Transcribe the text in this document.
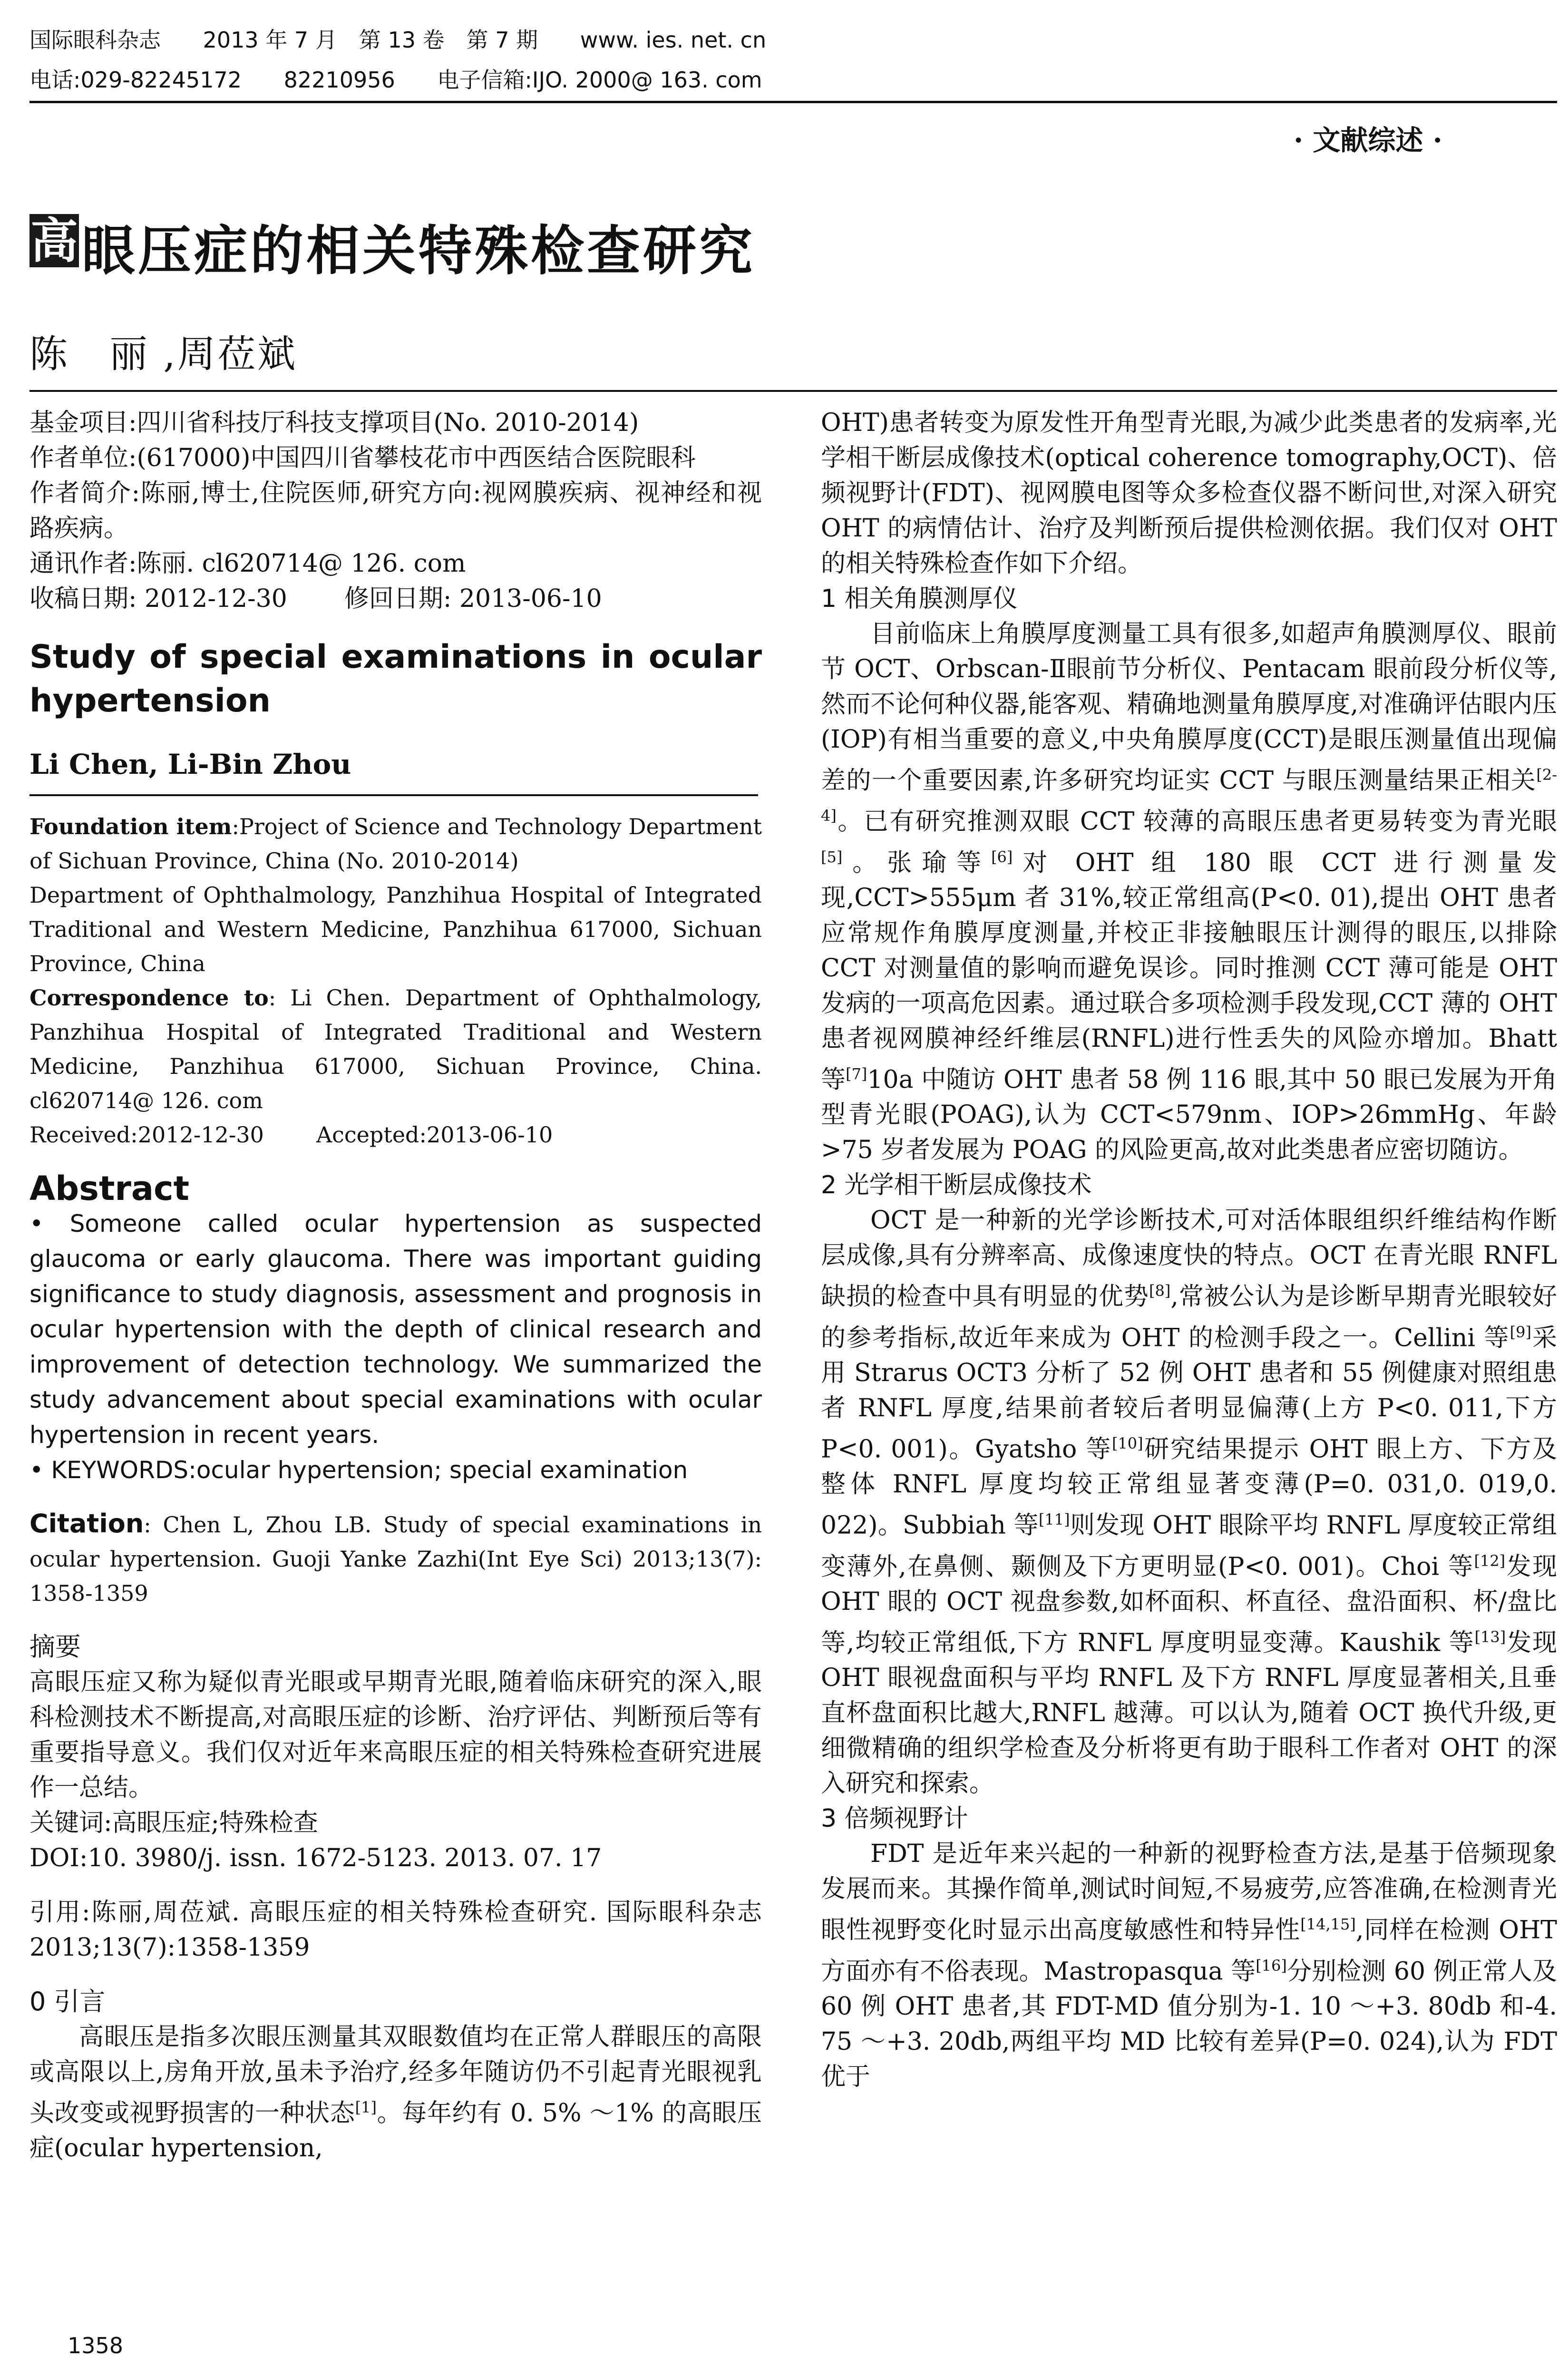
国际眼科杂志 2013 年 7 月　第 13 卷　第 7 期 www. ies. net. cn
电话:029-82245172 82210956 电子信箱:IJO. 2000@ 163. com
· 文献综述 ·
高 眼压症的相关特殊检查研究
陈　丽 ,周莅斌

基金项目:四川省科技厅科技支撑项目(No. 2010-2014)

作者单位:(617000)中国四川省攀枝花市中西医结合医院眼科

作者简介:陈丽,博士,住院医师,研究方向:视网膜疾病、视神经和视路疾病。

通讯作者:陈丽. cl620714@ 126. com

收稿日期: 2012-12-30 修回日期: 2013-06-10

Study of special examinations in ocular hypertension

Li Chen, Li-Bin Zhou

Foundation item:Project of Science and Technology Department of Sichuan Province, China (No. 2010-2014)

Department of Ophthalmology, Panzhihua Hospital of Integrated Traditional and Western Medicine, Panzhihua 617000, Sichuan Province, China

Correspondence to: Li Chen. Department of Ophthalmology, Panzhihua Hospital of Integrated Traditional and Western Medicine, Panzhihua 617000, Sichuan Province, China. cl620714@ 126. com

Received:2012-12-30 Accepted:2013-06-10

Abstract

• Someone called ocular hypertension as suspected glaucoma or early glaucoma. There was important guiding significance to study diagnosis, assessment and prognosis in ocular hypertension with the depth of clinical research and improvement of detection technology. We summarized the study advancement about special examinations with ocular hypertension in recent years.

• KEYWORDS:ocular hypertension; special examination

Citation: Chen L, Zhou LB. Study of special examinations in ocular hypertension. Guoji Yanke Zazhi(Int Eye Sci) 2013;13(7): 1358-1359

摘要

高眼压症又称为疑似青光眼或早期青光眼,随着临床研究的深入,眼科检测技术不断提高,对高眼压症的诊断、治疗评估、判断预后等有重要指导意义。我们仅对近年来高眼压症的相关特殊检查研究进展作一总结。

关键词:高眼压症;特殊检查

DOI:10. 3980/j. issn. 1672-5123. 2013. 07. 17

引用:陈丽,周莅斌. 高眼压症的相关特殊检查研究. 国际眼科杂志 2013;13(7):1358-1359

0 引言

高眼压是指多次眼压测量其双眼数值均在正常人群眼压的高限或高限以上,房角开放,虽未予治疗,经多年随访仍不引起青光眼视乳头改变或视野损害的一种状态[1]。每年约有 0. 5% ～1% 的高眼压症(ocular hypertension,

OHT)患者转变为原发性开角型青光眼,为减少此类患者的发病率,光学相干断层成像技术(optical coherence tomography,OCT)、倍频视野计(FDT)、视网膜电图等众多检查仪器不断问世,对深入研究 OHT 的病情估计、治疗及判断预后提供检测依据。我们仅对 OHT 的相关特殊检查作如下介绍。

1 相关角膜测厚仪

目前临床上角膜厚度测量工具有很多,如超声角膜测厚仪、眼前节 OCT、Orbscan-Ⅱ眼前节分析仪、Pentacam 眼前段分析仪等,然而不论何种仪器,能客观、精确地测量角膜厚度,对准确评估眼内压(IOP)有相当重要的意义,中央角膜厚度(CCT)是眼压测量值出现偏差的一个重要因素,许多研究均证实 CCT 与眼压测量结果正相关[2-4]。已有研究推测双眼 CCT 较薄的高眼压患者更易转变为青光眼[5]。张瑜等[6]对 OHT 组 180 眼 CCT 进行测量发现,CCT>555μm 者 31%,较正常组高(P<0. 01),提出 OHT 患者应常规作角膜厚度测量,并校正非接触眼压计测得的眼压,以排除 CCT 对测量值的影响而避免误诊。同时推测 CCT 薄可能是 OHT 发病的一项高危因素。通过联合多项检测手段发现,CCT 薄的 OHT 患者视网膜神经纤维层(RNFL)进行性丢失的风险亦增加。Bhatt 等[7]10a 中随访 OHT 患者 58 例 116 眼,其中 50 眼已发展为开角型青光眼(POAG),认为 CCT<579nm、IOP>26mmHg、年龄>75 岁者发展为 POAG 的风险更高,故对此类患者应密切随访。

2 光学相干断层成像技术

OCT 是一种新的光学诊断技术,可对活体眼组织纤维结构作断层成像,具有分辨率高、成像速度快的特点。OCT 在青光眼 RNFL 缺损的检查中具有明显的优势[8],常被公认为是诊断早期青光眼较好的参考指标,故近年来成为 OHT 的检测手段之一。Cellini 等[9]采用 Strarus OCT3 分析了 52 例 OHT 患者和 55 例健康对照组患者 RNFL 厚度,结果前者较后者明显偏薄(上方 P<0. 011,下方 P<0. 001)。Gyatsho 等[10]研究结果提示 OHT 眼上方、下方及整体 RNFL 厚度均较正常组显著变薄(P=0. 031,0. 019,0. 022)。Subbiah 等[11]则发现 OHT 眼除平均 RNFL 厚度较正常组变薄外,在鼻侧、颞侧及下方更明显(P<0. 001)。Choi 等[12]发现 OHT 眼的 OCT 视盘参数,如杯面积、杯直径、盘沿面积、杯/盘比等,均较正常组低,下方 RNFL 厚度明显变薄。Kaushik 等[13]发现 OHT 眼视盘面积与平均 RNFL 及下方 RNFL 厚度显著相关,且垂直杯盘面积比越大,RNFL 越薄。可以认为,随着 OCT 换代升级,更细微精确的组织学检查及分析将更有助于眼科工作者对 OHT 的深入研究和探索。

3 倍频视野计

FDT 是近年来兴起的一种新的视野检查方法,是基于倍频现象发展而来。其操作简单,测试时间短,不易疲劳,应答准确,在检测青光眼性视野变化时显示出高度敏感性和特异性[14,15],同样在检测 OHT 方面亦有不俗表现。Mastropasqua 等[16]分别检测 60 例正常人及 60 例 OHT 患者,其 FDT-MD 值分别为-1. 10 ～+3. 80db 和-4. 75 ～+3. 20db,两组平均 MD 比较有差异(P=0. 024),认为 FDT 优于

1358
